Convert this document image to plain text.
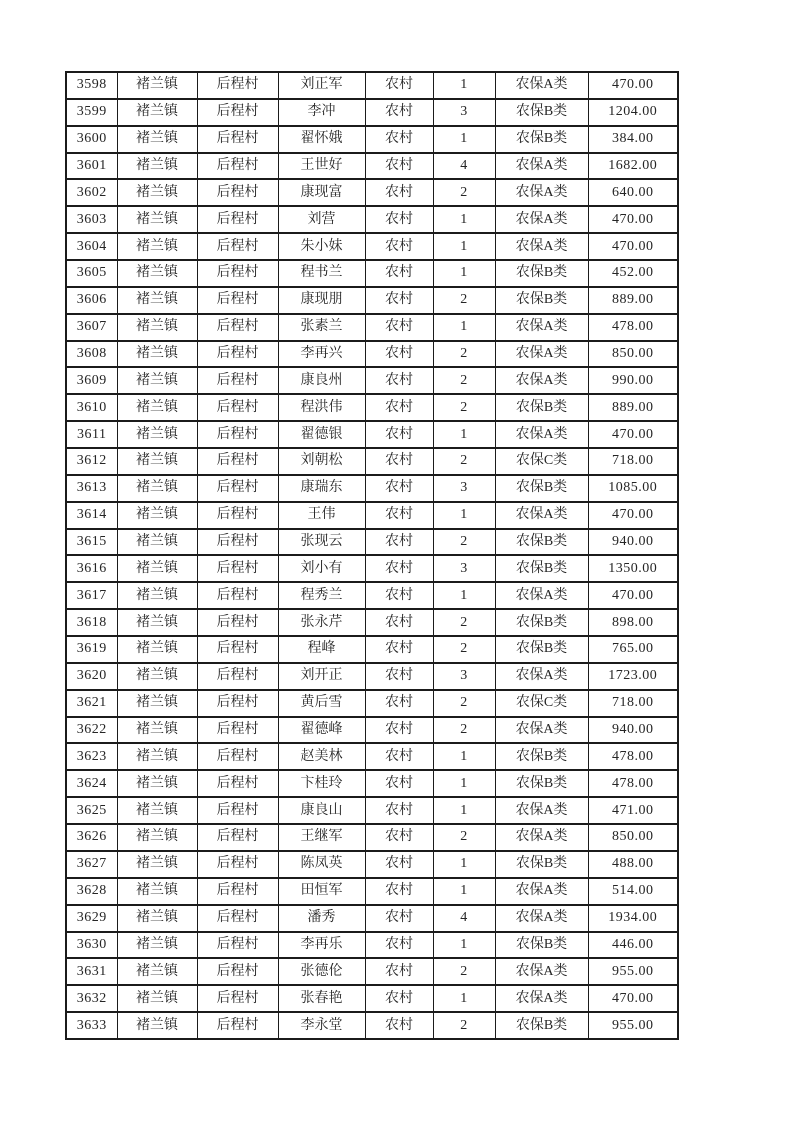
3598	褚兰镇	后程村	刘正军	农村	1	农保A类	470.00
3599	褚兰镇	后程村	李冲	农村	3	农保B类	1204.00
3600	褚兰镇	后程村	翟怀娥	农村	1	农保B类	384.00
3601	褚兰镇	后程村	王世好	农村	4	农保A类	1682.00
3602	褚兰镇	后程村	康现富	农村	2	农保A类	640.00
3603	褚兰镇	后程村	刘营	农村	1	农保A类	470.00
3604	褚兰镇	后程村	朱小妹	农村	1	农保A类	470.00
3605	褚兰镇	后程村	程书兰	农村	1	农保B类	452.00
3606	褚兰镇	后程村	康现朋	农村	2	农保B类	889.00
3607	褚兰镇	后程村	张素兰	农村	1	农保A类	478.00
3608	褚兰镇	后程村	李再兴	农村	2	农保A类	850.00
3609	褚兰镇	后程村	康良州	农村	2	农保A类	990.00
3610	褚兰镇	后程村	程洪伟	农村	2	农保B类	889.00
3611	褚兰镇	后程村	翟德银	农村	1	农保A类	470.00
3612	褚兰镇	后程村	刘朝松	农村	2	农保C类	718.00
3613	褚兰镇	后程村	康瑞东	农村	3	农保B类	1085.00
3614	褚兰镇	后程村	王伟	农村	1	农保A类	470.00
3615	褚兰镇	后程村	张现云	农村	2	农保B类	940.00
3616	褚兰镇	后程村	刘小有	农村	3	农保B类	1350.00
3617	褚兰镇	后程村	程秀兰	农村	1	农保A类	470.00
3618	褚兰镇	后程村	张永芹	农村	2	农保B类	898.00
3619	褚兰镇	后程村	程峰	农村	2	农保B类	765.00
3620	褚兰镇	后程村	刘开正	农村	3	农保A类	1723.00
3621	褚兰镇	后程村	黄后雪	农村	2	农保C类	718.00
3622	褚兰镇	后程村	翟德峰	农村	2	农保A类	940.00
3623	褚兰镇	后程村	赵美林	农村	1	农保B类	478.00
3624	褚兰镇	后程村	卞桂玲	农村	1	农保B类	478.00
3625	褚兰镇	后程村	康良山	农村	1	农保A类	471.00
3626	褚兰镇	后程村	王继军	农村	2	农保A类	850.00
3627	褚兰镇	后程村	陈凤英	农村	1	农保B类	488.00
3628	褚兰镇	后程村	田恒军	农村	1	农保A类	514.00
3629	褚兰镇	后程村	潘秀	农村	4	农保A类	1934.00
3630	褚兰镇	后程村	李再乐	农村	1	农保B类	446.00
3631	褚兰镇	后程村	张德伦	农村	2	农保A类	955.00
3632	褚兰镇	后程村	张春艳	农村	1	农保A类	470.00
3633	褚兰镇	后程村	李永堂	农村	2	农保B类	955.00
